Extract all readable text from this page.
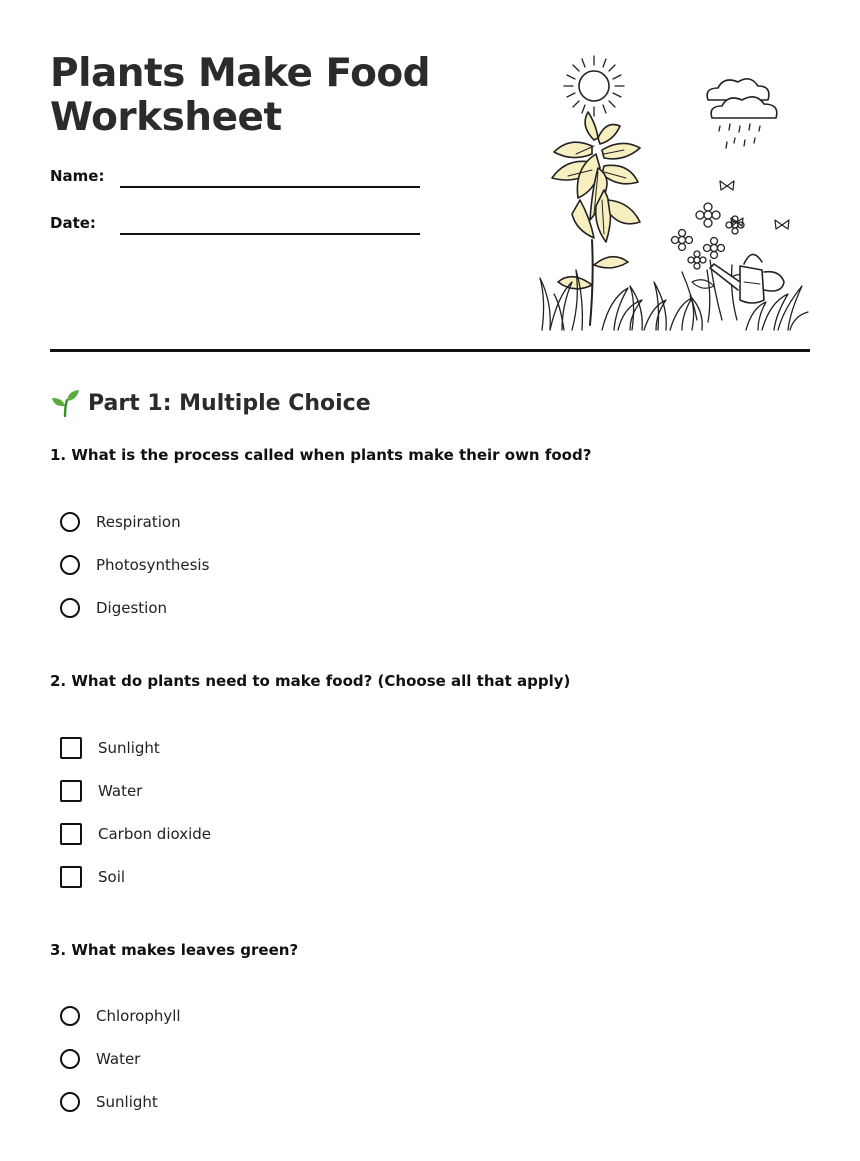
Plants Make Food Worksheet
Name:
Date:
Part 1: Multiple Choice

1. What is the process called when plants make their own food?

Respiration
Photosynthesis
Digestion

2. What do plants need to make food? (Choose all that apply)

Sunlight
Water
Carbon dioxide
Soil

3. What makes leaves green?

Chlorophyll
Water
Sunlight
